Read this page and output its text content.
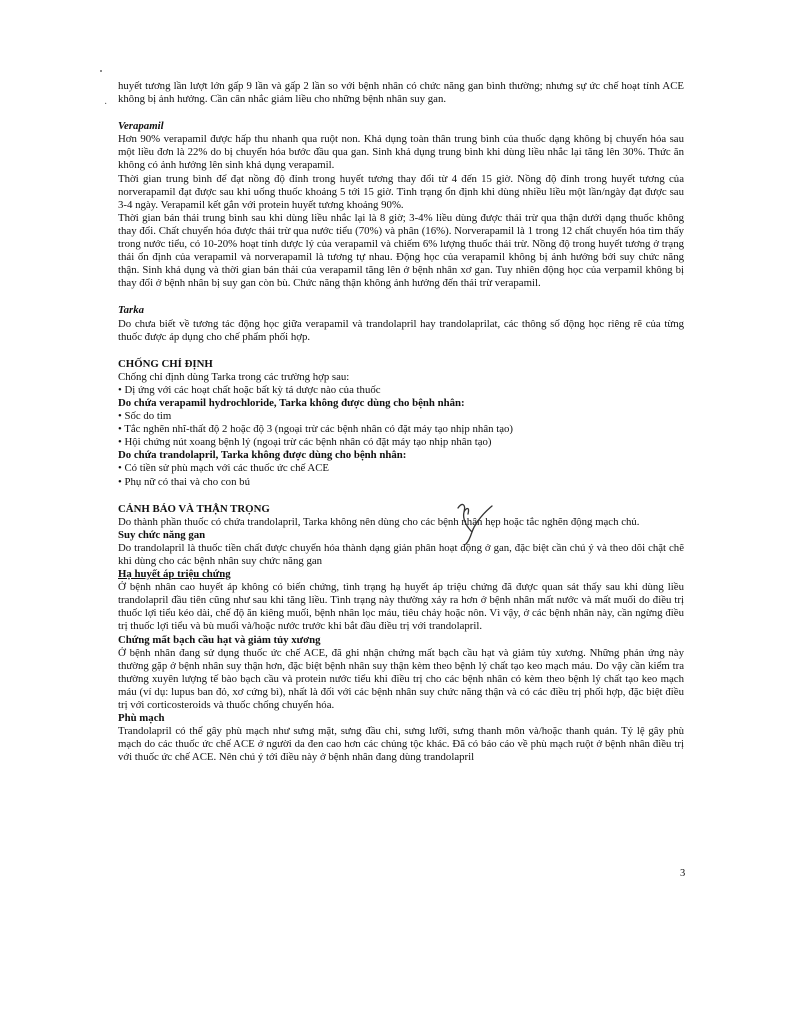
·

huyết tương lần lượt lớn gấp 9 lần và gấp 2 lần so với bệnh nhân có chức năng gan bình thường; nhưng sự ức chế hoạt tính ACE không bị ảnh hưởng. Cần cân nhắc giảm liều cho những bệnh nhân suy gan.

Verapamil

Hơn 90% verapamil được hấp thu nhanh qua ruột non. Khả dụng toàn thân trung bình của thuốc dạng không bị chuyển hóa sau một liều đơn là 22% do bị chuyển hóa bước đầu qua gan. Sinh khả dụng trung bình khi dùng liều nhắc lại tăng lên 30%. Thức ăn không có ảnh hưởng lên sinh khả dụng verapamil.

Thời gian trung bình để đạt nồng độ đỉnh trong huyết tương thay đổi từ 4 đến 15 giờ. Nồng độ đỉnh trong huyết tương của norverapamil đạt được sau khi uống thuốc khoảng 5 tới 15 giờ. Tình trạng ổn định khi dùng nhiều liều một lần/ngày đạt được sau 3-4 ngày. Verapamil kết gắn với protein huyết tương khoảng 90%.

Thời gian bán thải trung bình sau khi dùng liều nhắc lại là 8 giờ; 3-4% liều dùng được thải trừ qua thận dưới dạng thuốc không thay đổi. Chất chuyển hóa được thải trừ qua nước tiểu (70%) và phân (16%). Norverapamil là 1 trong 12 chất chuyển hóa tìm thấy trong nước tiểu, có 10-20% hoạt tính dược lý của verapamil và chiếm 6% lượng thuốc thải trừ. Nồng độ trong huyết tương ở trạng thái ổn định của verapamil và norverapamil là tương tự nhau. Động học của verapamil không bị ảnh hưởng bởi suy chức năng thận. Sinh khả dụng và thời gian bán thải của verapamil tăng lên ở bệnh nhân xơ gan. Tuy nhiên động học của verpamil không bị thay đổi ở bệnh nhân bị suy gan còn bù. Chức năng thận không ảnh hưởng đến thải trừ verapamil.

Tarka

Do chưa biết về tương tác động học giữa verapamil và trandolapril hay trandolaprilat, các thông số động học riêng rẽ của từng thuốc được áp dụng cho chế phẩm phối hợp.

CHỐNG CHỈ ĐỊNH

Chống chỉ định dùng Tarka trong các trường hợp sau:

• Dị ứng với các hoạt chất hoặc bất kỳ tá dược nào của thuốc

Do chứa verapamil hydrochloride, Tarka không được dùng cho bệnh nhân:

• Sốc do tim

• Tắc nghẽn nhĩ-thất độ 2 hoặc độ 3 (ngoại trừ các bệnh nhân có đặt máy tạo nhịp nhân tạo)

• Hội chứng nút xoang bệnh lý (ngoại trừ các bệnh nhân có đặt máy tạo nhịp nhân tạo)

Do chứa trandolapril, Tarka không được dùng cho bệnh nhân:

• Có tiền sử phù mạch với các thuốc ức chế ACE

• Phụ nữ có thai và cho con bú

CẢNH BÁO VÀ THẬN TRỌNG

Do thành phần thuốc có chứa trandolapril, Tarka không nên dùng cho các bệnh nhân hẹp hoặc tắc nghẽn động mạch chủ.

Suy chức năng gan

Do trandolapril là thuốc tiền chất được chuyển hóa thành dạng giản phân hoạt động ở gan, đặc biệt cần chú ý và theo dõi chặt chẽ khi dùng cho các bệnh nhân suy chức năng gan

Hạ huyết áp triệu chứng

Ở bệnh nhân cao huyết áp không có biến chứng, tình trạng hạ huyết áp triệu chứng đã được quan sát thấy sau khi dùng liều trandolapril đầu tiên cũng như sau khi tăng liều. Tình trạng này thường xảy ra hơn ở bệnh nhân mất nước và mất muối do điều trị thuốc lợi tiểu kéo dài, chế độ ăn kiêng muối, bệnh nhân lọc máu, tiêu chảy hoặc nôn. Vì vậy, ở các bệnh nhân này, cần ngừng điều trị thuốc lợi tiểu và bù muối và/hoặc nước trước khi bắt đầu điều trị với trandolapril.

Chứng mất bạch cầu hạt và giảm tủy xương

Ở bệnh nhân đang sử dụng thuốc ức chế ACE, đã ghi nhận chứng mất bạch cầu hạt và giảm tủy xương. Những phản ứng này thường gặp ở bệnh nhân suy thận hơn, đặc biệt bệnh nhân suy thận kèm theo bệnh lý chất tạo keo mạch máu. Do vậy cần kiểm tra thường xuyên lượng tế bào bạch cầu và protein nước tiểu khi điều trị cho các bệnh nhân có kèm theo bệnh lý chất tạo keo mạch máu (ví dụ: lupus ban đỏ, xơ cứng bì), nhất là đối với các bệnh nhân suy chức năng thận và có các điều trị phối hợp, đặc biệt điều trị với corticosteroids và thuốc chống chuyển hóa.

Phù mạch

Trandolapril có thể gây phù mạch như sưng mặt, sưng đầu chi, sưng lưỡi, sưng thanh môn và/hoặc thanh quản. Tỷ lệ gây phù mạch do các thuốc ức chế ACE ở người da đen cao hơn các chủng tộc khác. Đã có báo cáo về phù mạch ruột ở bệnh nhân điều trị với thuốc ức chế ACE. Nên chú ý tới điều này ở bệnh nhân đang dùng trandolapril

3
